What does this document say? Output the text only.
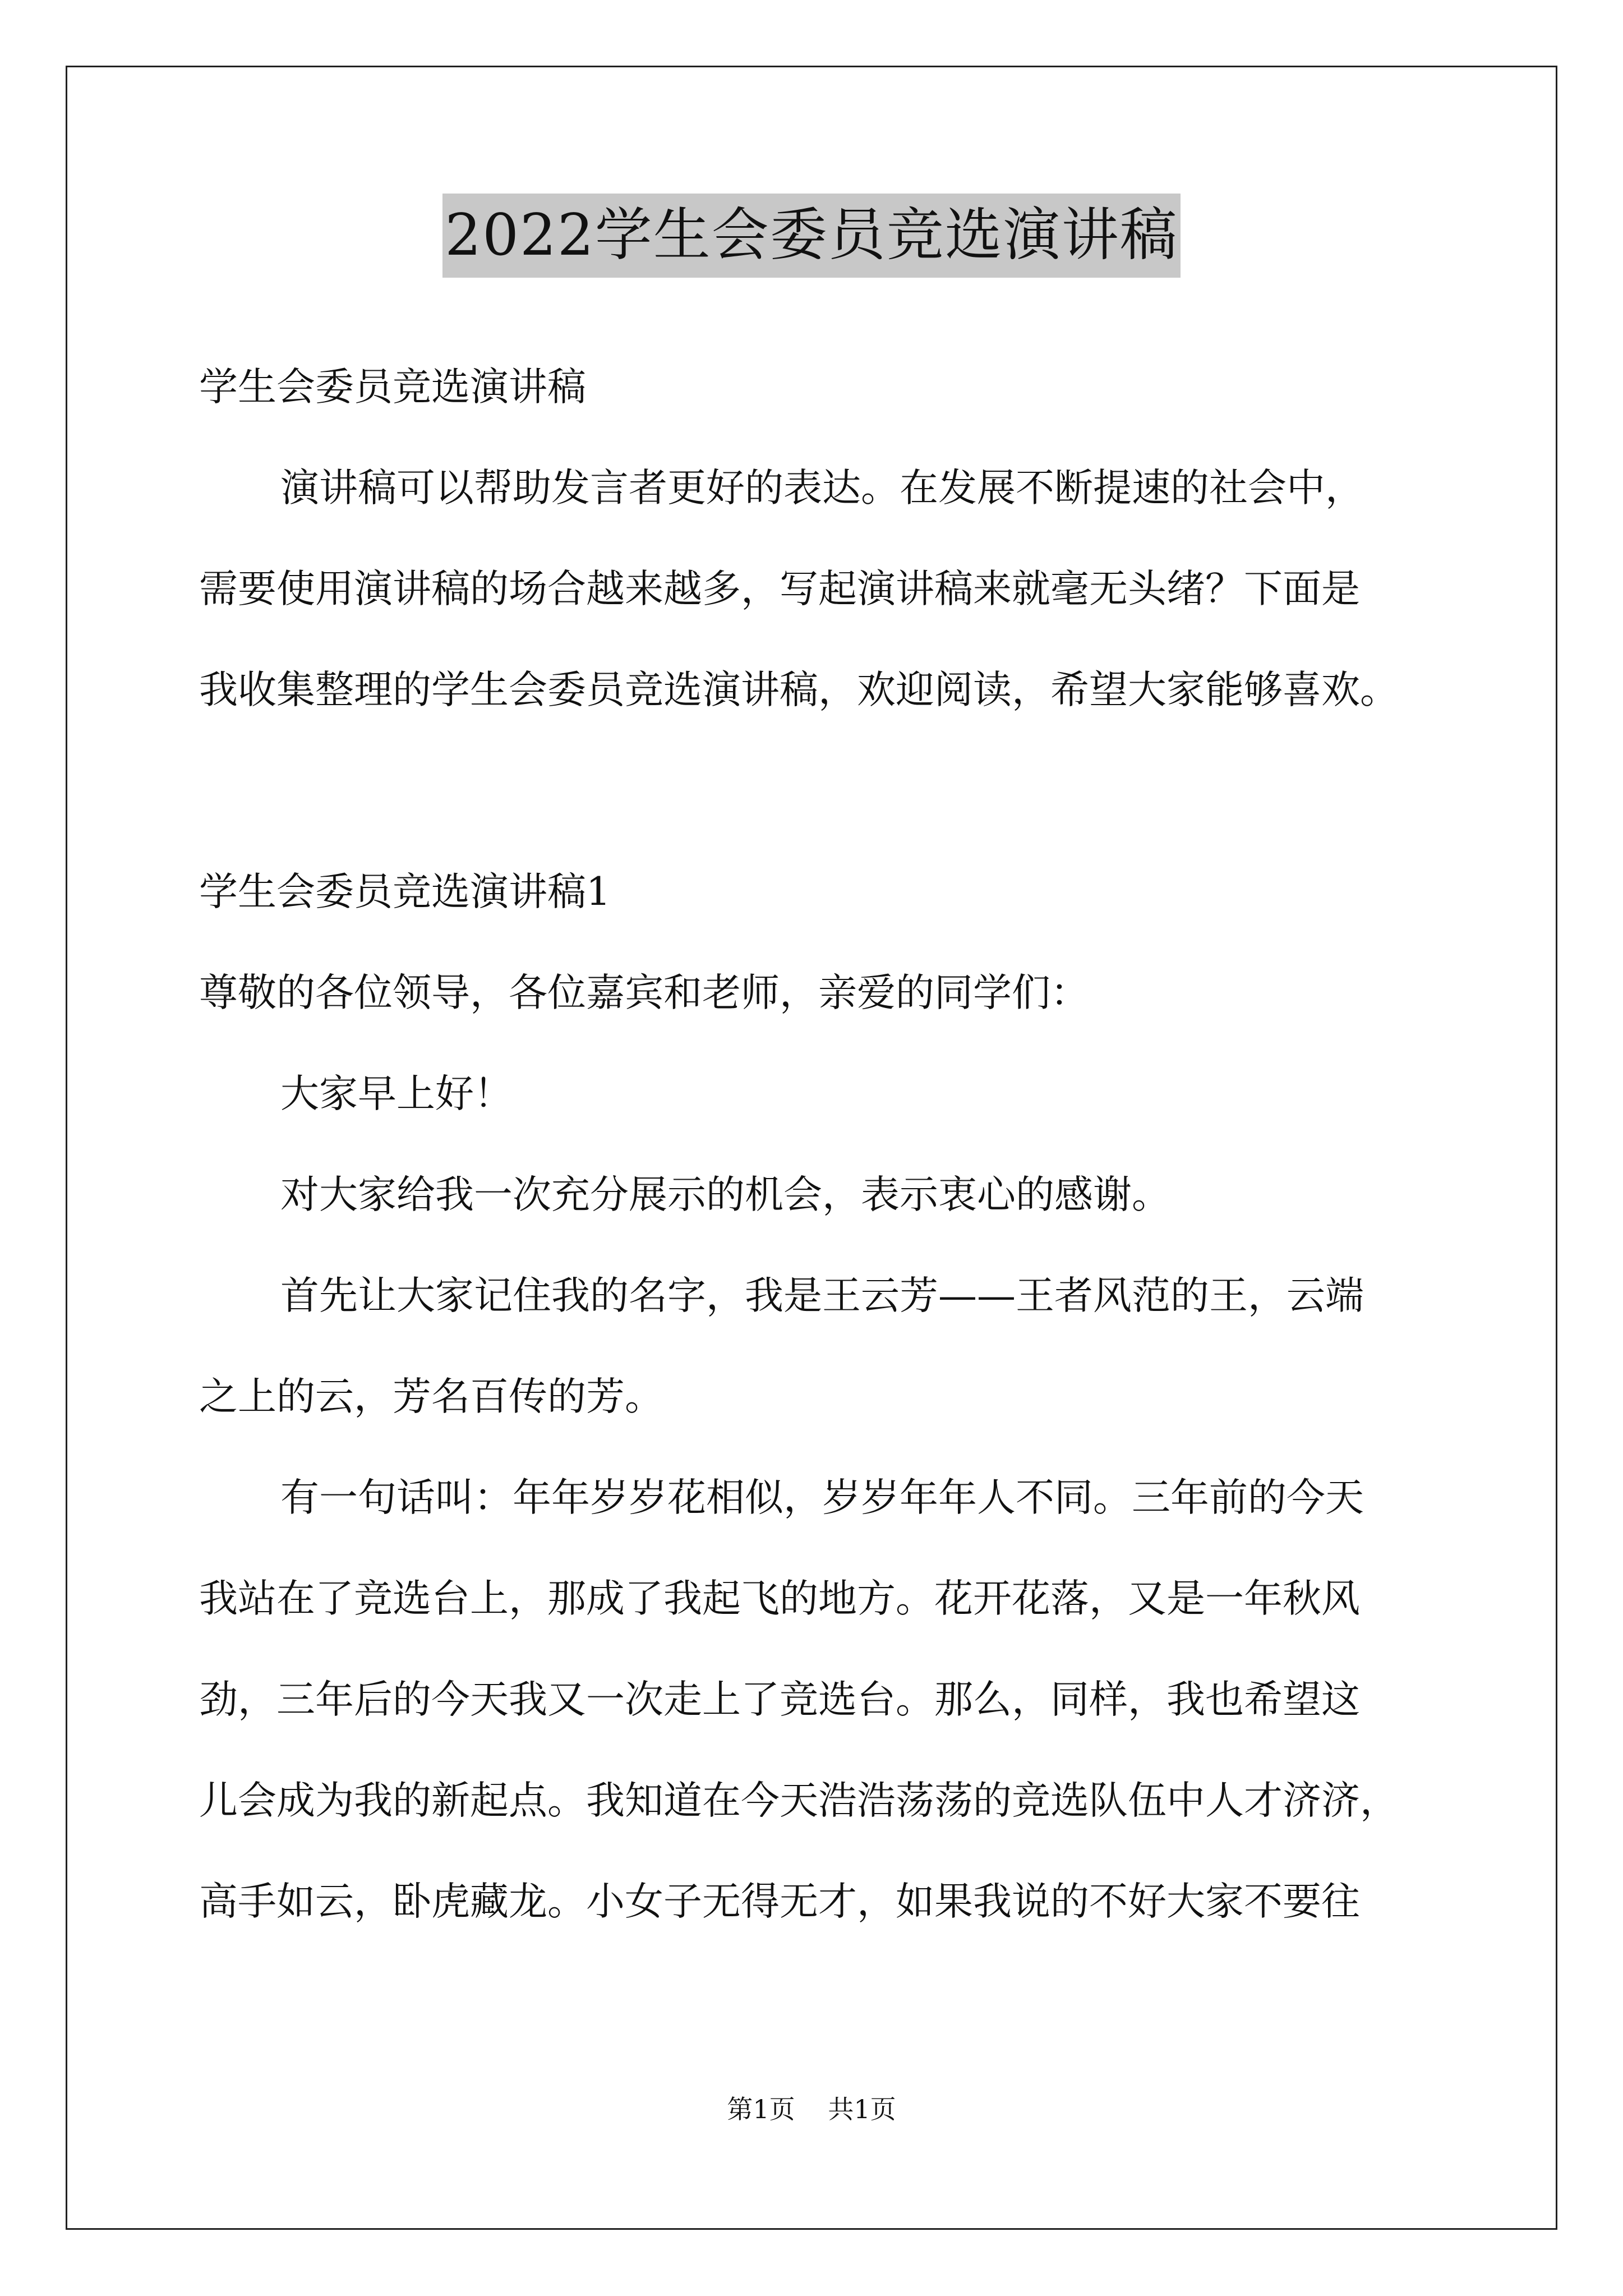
2022学生会委员竞选演讲稿
学生会委员竞选演讲稿
演讲稿可以帮助发言者更好的表达。在发展不断提速的社会中，
需要使用演讲稿的场合越来越多，写起演讲稿来就毫无头绪？下面是
我收集整理的学生会委员竞选演讲稿，欢迎阅读，希望大家能够喜欢。
学生会委员竞选演讲稿1
尊敬的各位领导，各位嘉宾和老师，亲爱的同学们：
大家早上好！
对大家给我一次充分展示的机会，表示衷心的感谢。
首先让大家记住我的名字，我是王云芳——王者风范的王，云端
之上的云，芳名百传的芳。
有一句话叫：年年岁岁花相似，岁岁年年人不同。三年前的今天
我站在了竞选台上，那成了我起飞的地方。花开花落，又是一年秋风
劲，三年后的今天我又一次走上了竞选台。那么，同样，我也希望这
儿会成为我的新起点。我知道在今天浩浩荡荡的竞选队伍中人才济济，
高手如云，卧虎藏龙。小女子无得无才，如果我说的不好大家不要往
第1页 共1页
